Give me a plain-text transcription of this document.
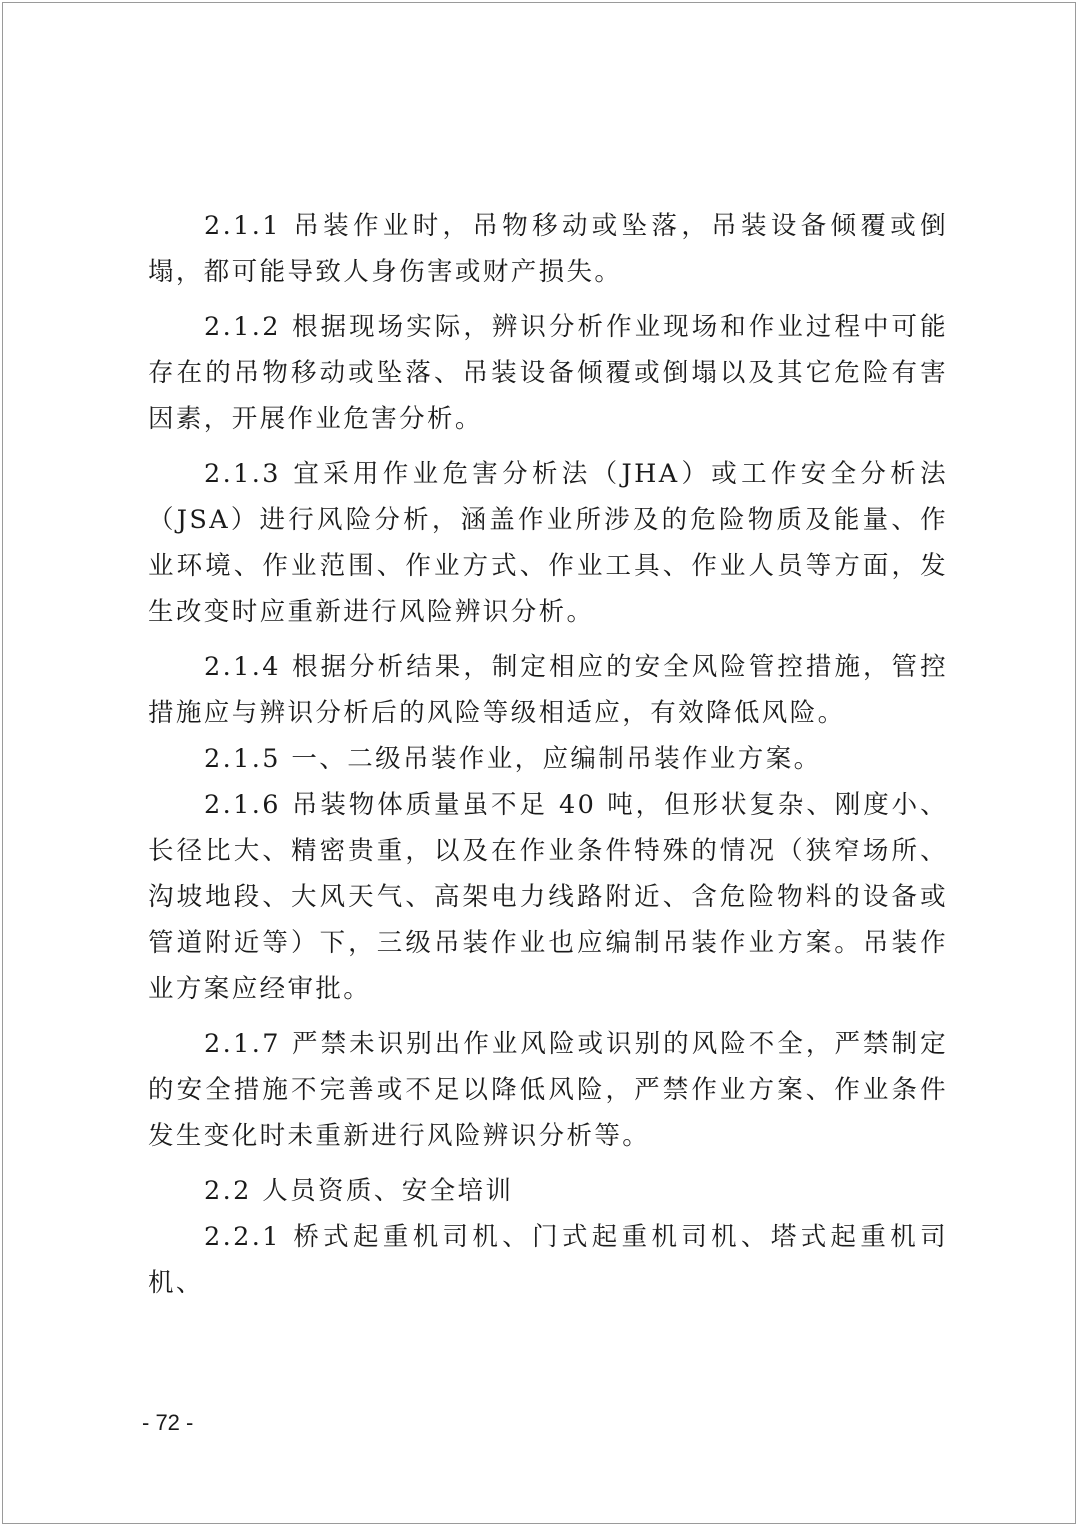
2.1.1 吊装作业时，吊物移动或坠落，吊装设备倾覆或倒塌，都可能导致人身伤害或财产损失。

2.1.2 根据现场实际，辨识分析作业现场和作业过程中可能存在的吊物移动或坠落、吊装设备倾覆或倒塌以及其它危险有害因素，开展作业危害分析。

2.1.3 宜采用作业危害分析法（JHA）或工作安全分析法（JSA）进行风险分析，涵盖作业所涉及的危险物质及能量、作业环境、作业范围、作业方式、作业工具、作业人员等方面，发生改变时应重新进行风险辨识分析。

2.1.4 根据分析结果，制定相应的安全风险管控措施，管控措施应与辨识分析后的风险等级相适应，有效降低风险。

2.1.5 一、二级吊装作业，应编制吊装作业方案。

2.1.6 吊装物体质量虽不足 40 吨，但形状复杂、刚度小、长径比大、精密贵重，以及在作业条件特殊的情况（狭窄场所、沟坡地段、大风天气、高架电力线路附近、含危险物料的设备或管道附近等）下，三级吊装作业也应编制吊装作业方案。吊装作业方案应经审批。

2.1.7 严禁未识别出作业风险或识别的风险不全，严禁制定的安全措施不完善或不足以降低风险，严禁作业方案、作业条件发生变化时未重新进行风险辨识分析等。

2.2 人员资质、安全培训

2.2.1 桥式起重机司机、门式起重机司机、塔式起重机司机、

- 72 -
